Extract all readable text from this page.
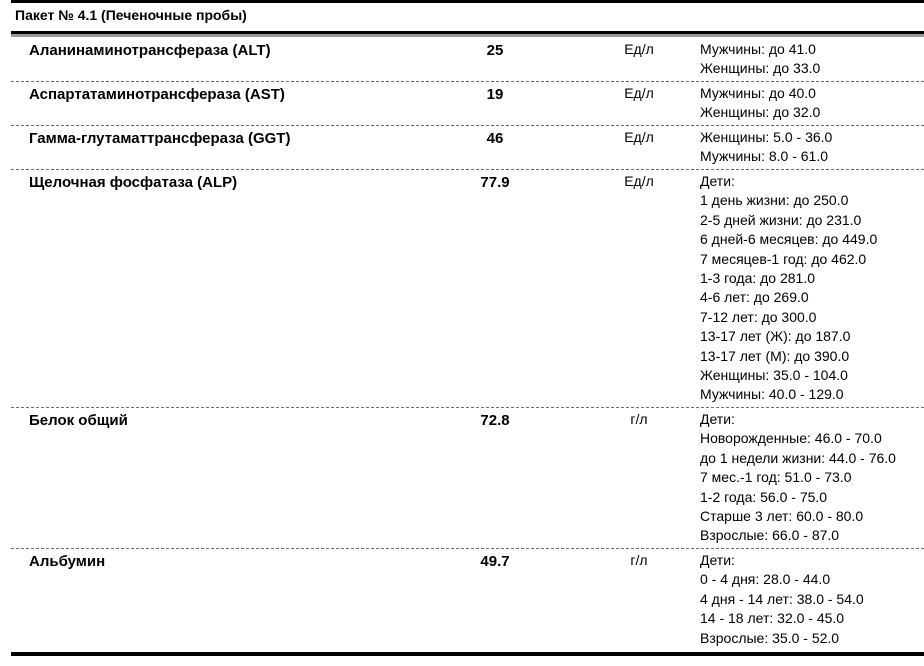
Пакет № 4.1 (Печеночные пробы)
Аланинаминотрансфераза (ALT)	25	Ед/л	Мужчины: до 41.0
Женщины: до 33.0
Аспартатаминотрансфераза (AST)	19	Ед/л	Мужчины: до 40.0
Женщины: до 32.0
Гамма-глутаматтрансфераза (GGT)	46	Ед/л	Женщины: 5.0 - 36.0
Мужчины: 8.0 - 61.0
Щелочная фосфатаза (ALP)	77.9	Ед/л	Дети:
1 день жизни: до 250.0
2-5 дней жизни: до 231.0
6 дней-6 месяцев: до 449.0
7 месяцев-1 год: до 462.0
1-3 года: до 281.0
4-6 лет: до 269.0
7-12 лет: до 300.0
13-17 лет (Ж): до 187.0
13-17 лет (М): до 390.0
Женщины: 35.0 - 104.0
Мужчины: 40.0 - 129.0
Белок общий	72.8	г/л	Дети:
Новорожденные: 46.0 - 70.0
до 1 недели жизни: 44.0 - 76.0
7 мес.-1 год: 51.0 - 73.0
1-2 года: 56.0 - 75.0
Старше 3 лет: 60.0 - 80.0
Взрослые: 66.0 - 87.0
Альбумин	49.7	г/л	Дети:
0 - 4 дня: 28.0 - 44.0
4 дня - 14 лет: 38.0 - 54.0
14 - 18 лет: 32.0 - 45.0
Взрослые: 35.0 - 52.0
